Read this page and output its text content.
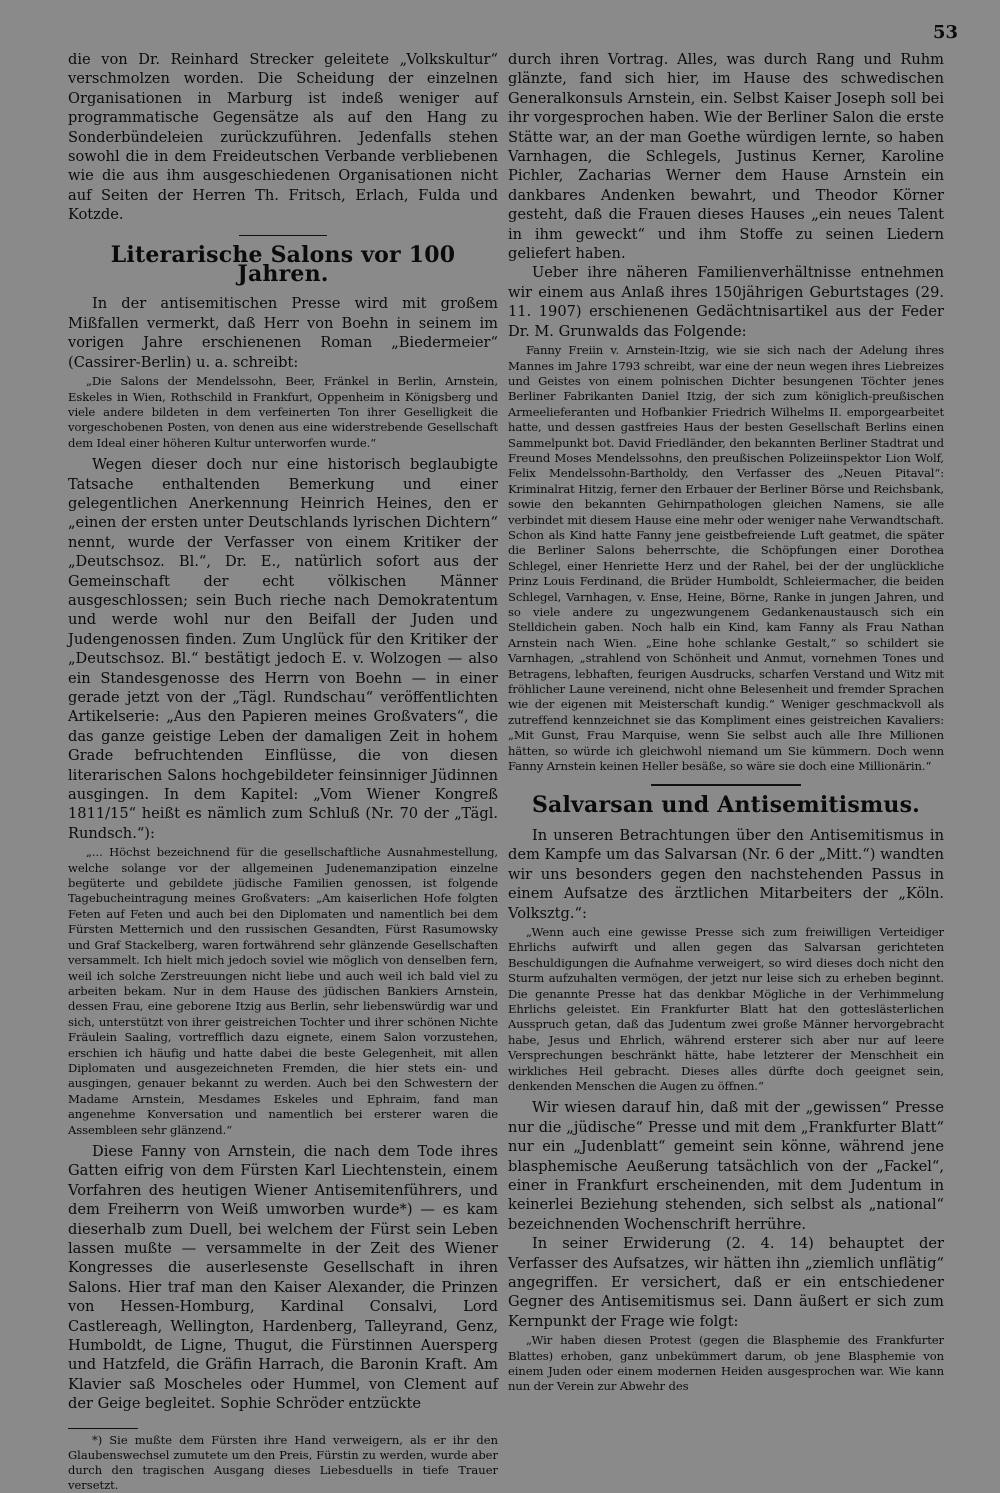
53

die von Dr. Reinhard Strecker geleitete „Volkskultur“ verschmolzen worden. Die Scheidung der einzelnen Organisationen in Marburg ist indeß weniger auf programmatische Gegensätze als auf den Hang zu Sonderbündeleien zurückzuführen. Jedenfalls stehen sowohl die in dem Freideutschen Verbande verbliebenen wie die aus ihm ausgeschiedenen Organisationen nicht auf Seiten der Herren Th. Fritsch, Erlach, Fulda und Kotzde.

Literarische Salons vor 100 Jahren.

In der antisemitischen Presse wird mit großem Mißfallen vermerkt, daß Herr von Boehn in seinem im vorigen Jahre erschienenen Roman „Biedermeier“ (Cassirer-Berlin) u. a. schreibt:

„Die Salons der Mendelssohn, Beer, Fränkel in Berlin, Arnstein, Eskeles in Wien, Rothschild in Frankfurt, Oppenheim in Königsberg und viele andere bildeten in dem verfeinerten Ton ihrer Geselligkeit die vorgeschobenen Posten, von denen aus eine widerstrebende Gesellschaft dem Ideal einer höheren Kultur unterworfen wurde.“

Wegen dieser doch nur eine historisch beglaubigte Tatsache enthaltenden Bemerkung und einer gelegentlichen Anerkennung Heinrich Heines, den er „einen der ersten unter Deutschlands lyrischen Dichtern“ nennt, wurde der Verfasser von einem Kritiker der „Deutschsoz. Bl.“, Dr. E., natürlich sofort aus der Gemeinschaft der echt völkischen Männer ausgeschlossen; sein Buch rieche nach Demokratentum und werde wohl nur den Beifall der Juden und Judengenossen finden. Zum Unglück für den Kritiker der „Deutschsoz. Bl.“ bestätigt jedoch E. v. Wolzogen — also ein Standesgenosse des Herrn von Boehn — in einer gerade jetzt von der „Tägl. Rundschau“ veröffentlichten Artikelserie: „Aus den Papieren meines Großvaters“, die das ganze geistige Leben der damaligen Zeit in hohem Grade befruchtenden Einflüsse, die von diesen literarischen Salons hochgebildeter feinsinniger Jüdinnen ausgingen. In dem Kapitel: „Vom Wiener Kongreß 1811/15“ heißt es nämlich zum Schluß (Nr. 70 der „Tägl. Rundsch.“):

„... Höchst bezeichnend für die gesellschaftliche Ausnahmestellung, welche solange vor der allgemeinen Judenemanzipation einzelne begüterte und gebildete jüdische Familien genossen, ist folgende Tagebucheintragung meines Großvaters: „Am kaiserlichen Hofe folgten Feten auf Feten und auch bei den Diplomaten und namentlich bei dem Fürsten Metternich und den russischen Gesandten, Fürst Rasumowsky und Graf Stackelberg, waren fortwährend sehr glänzende Gesellschaften versammelt. Ich hielt mich jedoch soviel wie möglich von denselben fern, weil ich solche Zerstreuungen nicht liebe und auch weil ich bald viel zu arbeiten bekam. Nur in dem Hause des jüdischen Bankiers Arnstein, dessen Frau, eine geborene Itzig aus Berlin, sehr liebenswürdig war und sich, unterstützt von ihrer geistreichen Tochter und ihrer schönen Nichte Fräulein Saaling, vortrefflich dazu eignete, einem Salon vorzustehen, erschien ich häufig und hatte dabei die beste Gelegenheit, mit allen Diplomaten und ausgezeichneten Fremden, die hier stets ein- und ausgingen, genauer bekannt zu werden. Auch bei den Schwestern der Madame Arnstein, Mesdames Eskeles und Ephraim, fand man angenehme Konversation und namentlich bei ersterer waren die Assembleen sehr glänzend.“

Diese Fanny von Arnstein, die nach dem Tode ihres Gatten eifrig von dem Fürsten Karl Liechtenstein, einem Vorfahren des heutigen Wiener Antisemitenführers, und dem Freiherrn von Weiß umworben wurde*) — es kam dieserhalb zum Duell, bei welchem der Fürst sein Leben lassen mußte — versammelte in der Zeit des Wiener Kongresses die auserlesenste Gesellschaft in ihren Salons. Hier traf man den Kaiser Alexander, die Prinzen von Hessen-Homburg, Kardinal Consalvi, Lord Castlereagh, Wellington, Hardenberg, Talleyrand, Genz, Humboldt, de Ligne, Thugut, die Fürstinnen Auersperg und Hatzfeld, die Gräfin Harrach, die Baronin Kraft. Am Klavier saß Moscheles oder Hummel, von Clement auf der Geige begleitet. Sophie Schröder entzückte

*) Sie mußte dem Fürsten ihre Hand verweigern, als er ihr den Glaubenswechsel zumutete um den Preis, Fürstin zu werden, wurde aber durch den tragischen Ausgang dieses Liebesduells in tiefe Trauer versetzt.

durch ihren Vortrag. Alles, was durch Rang und Ruhm glänzte, fand sich hier, im Hause des schwedischen Generalkonsuls Arnstein, ein. Selbst Kaiser Joseph soll bei ihr vorgesprochen haben. Wie der Berliner Salon die erste Stätte war, an der man Goethe würdigen lernte, so haben Varnhagen, die Schlegels, Justinus Kerner, Karoline Pichler, Zacharias Werner dem Hause Arnstein ein dankbares Andenken bewahrt, und Theodor Körner gesteht, daß die Frauen dieses Hauses „ein neues Talent in ihm geweckt“ und ihm Stoffe zu seinen Liedern geliefert haben.

Ueber ihre näheren Familienverhältnisse entnehmen wir einem aus Anlaß ihres 150jährigen Geburtstages (29. 11. 1907) erschienenen Gedächtnisartikel aus der Feder Dr. M. Grunwalds das Folgende:

Fanny Freiin v. Arnstein-Itzig, wie sie sich nach der Adelung ihres Mannes im Jahre 1793 schreibt, war eine der neun wegen ihres Liebreizes und Geistes von einem polnischen Dichter besungenen Töchter jenes Berliner Fabrikanten Daniel Itzig, der sich zum königlich-preußischen Armeelieferanten und Hofbankier Friedrich Wilhelms II. emporgearbeitet hatte, und dessen gastfreies Haus der besten Gesellschaft Berlins einen Sammelpunkt bot. David Friedländer, den bekannten Berliner Stadtrat und Freund Moses Mendelssohns, den preußischen Polizeiinspektor Lion Wolf, Felix Mendelssohn-Bartholdy, den Verfasser des „Neuen Pitaval“: Kriminalrat Hitzig, ferner den Erbauer der Berliner Börse und Reichsbank, sowie den bekannten Gehirnpathologen gleichen Namens, sie alle verbindet mit diesem Hause eine mehr oder weniger nahe Verwandtschaft. Schon als Kind hatte Fanny jene geistbefreiende Luft geatmet, die später die Berliner Salons beherrschte, die Schöpfungen einer Dorothea Schlegel, einer Henriette Herz und der Rahel, bei der der unglückliche Prinz Louis Ferdinand, die Brüder Humboldt, Schleiermacher, die beiden Schlegel, Varnhagen, v. Ense, Heine, Börne, Ranke in jungen Jahren, und so viele andere zu ungezwungenem Gedankenaustausch sich ein Stelldichein gaben. Noch halb ein Kind, kam Fanny als Frau Nathan Arnstein nach Wien. „Eine hohe schlanke Gestalt,“ so schildert sie Varnhagen, „strahlend von Schönheit und Anmut, vornehmen Tones und Betragens, lebhaften, feurigen Ausdrucks, scharfen Verstand und Witz mit fröhlicher Laune vereinend, nicht ohne Belesenheit und fremder Sprachen wie der eigenen mit Meisterschaft kundig.“ Weniger geschmackvoll als zutreffend kennzeichnet sie das Kompliment eines geistreichen Kavaliers: „Mit Gunst, Frau Marquise, wenn Sie selbst auch alle Ihre Millionen hätten, so würde ich gleichwohl niemand um Sie kümmern. Doch wenn Fanny Arnstein keinen Heller besäße, so wäre sie doch eine Millionärin.“

Salvarsan und Antisemitismus.

In unseren Betrachtungen über den Antisemitismus in dem Kampfe um das Salvarsan (Nr. 6 der „Mitt.“) wandten wir uns besonders gegen den nachstehenden Passus in einem Aufsatze des ärztlichen Mitarbeiters der „Köln. Volksztg.“:

„Wenn auch eine gewisse Presse sich zum freiwilligen Verteidiger Ehrlichs aufwirft und allen gegen das Salvarsan gerichteten Beschuldigungen die Aufnahme verweigert, so wird dieses doch nicht den Sturm aufzuhalten vermögen, der jetzt nur leise sich zu erheben beginnt. Die genannte Presse hat das denkbar Mögliche in der Verhimmelung Ehrlichs geleistet. Ein Frankfurter Blatt hat den gotteslästerlichen Ausspruch getan, daß das Judentum zwei große Männer hervorgebracht habe, Jesus und Ehrlich, während ersterer sich aber nur auf leere Versprechungen beschränkt hätte, habe letzterer der Menschheit ein wirkliches Heil gebracht. Dieses alles dürfte doch geeignet sein, denkenden Menschen die Augen zu öffnen.“

Wir wiesen darauf hin, daß mit der „gewissen“ Presse nur die „jüdische“ Presse und mit dem „Frankfurter Blatt“ nur ein „Judenblatt“ gemeint sein könne, während jene blasphemische Aeußerung tatsächlich von der „Fackel“, einer in Frankfurt erscheinenden, mit dem Judentum in keinerlei Beziehung stehenden, sich selbst als „national“ bezeichnenden Wochenschrift herrühre.

In seiner Erwiderung (2. 4. 14) behauptet der Verfasser des Aufsatzes, wir hätten ihn „ziemlich unflätig“ angegriffen. Er versichert, daß er ein entschiedener Gegner des Antisemitismus sei. Dann äußert er sich zum Kernpunkt der Frage wie folgt:

„Wir haben diesen Protest (gegen die Blasphemie des Frankfurter Blattes) erhoben, ganz unbekümmert darum, ob jene Blasphemie von einem Juden oder einem modernen Heiden ausgesprochen war. Wie kann nun der Verein zur Abwehr des
